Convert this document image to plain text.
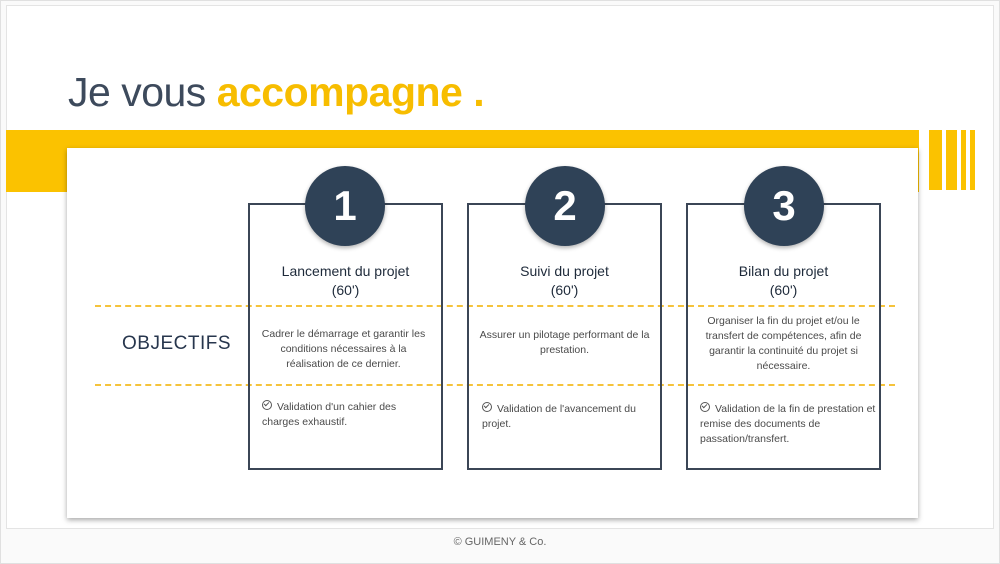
Je vous accompagne .
OBJECTIFS
1
Lancement du projet
(60')
Cadrer le démarrage et garantir les conditions nécessaires à la réalisation de ce dernier.
Validation d'un cahier des charges exhaustif.
2
Suivi du projet
(60')
Assurer un pilotage performant de la prestation.
Validation de l'avancement du projet.
3
Bilan du projet
(60')
Organiser la fin du projet et/ou le transfert de compétences, afin de garantir la continuité du projet si nécessaire.
Validation de la fin de prestation et remise des documents de passation/transfert.
© GUIMENY & Co.
